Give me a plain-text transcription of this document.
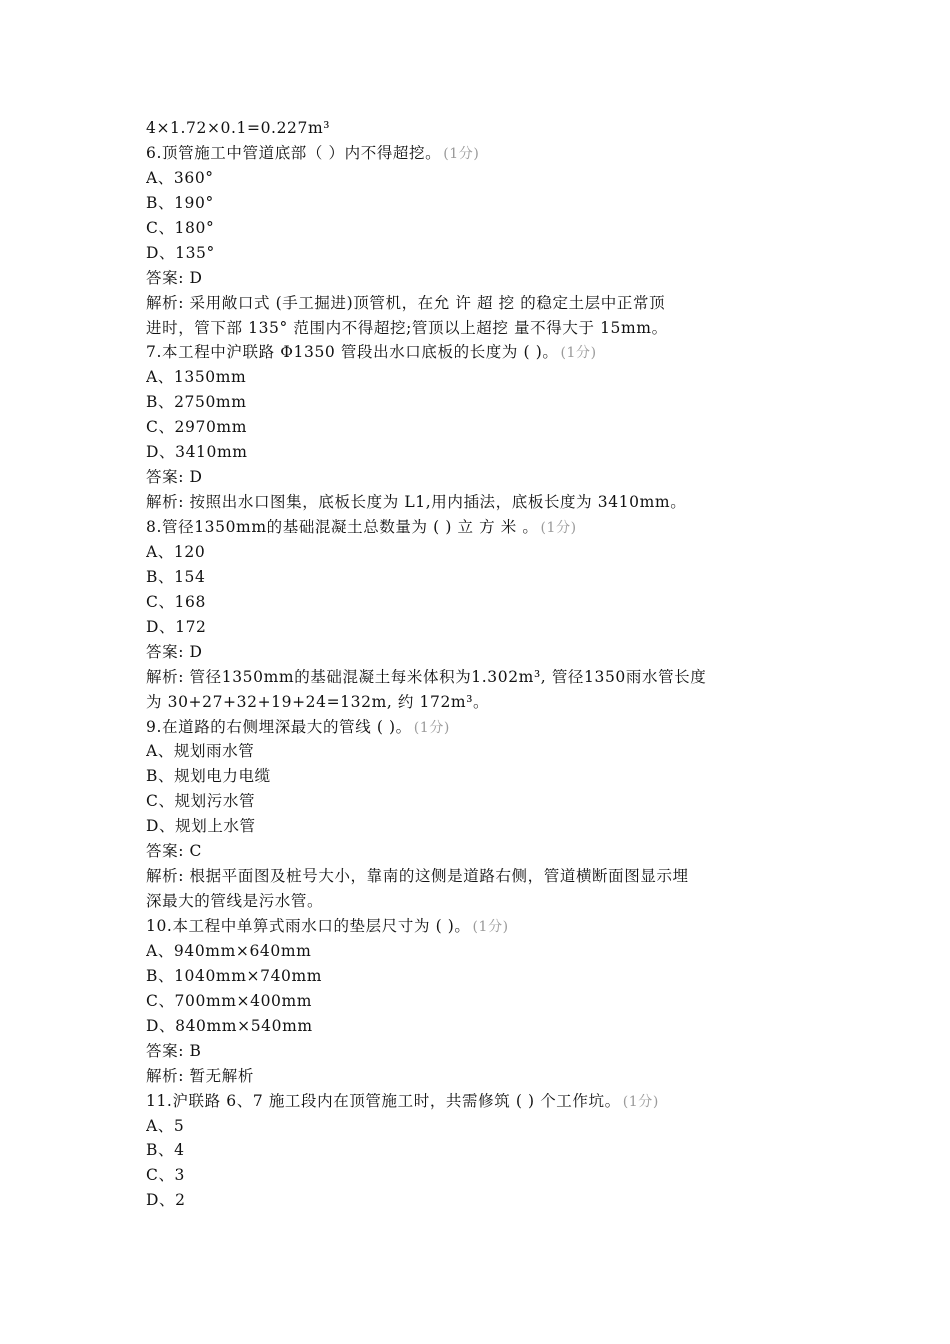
4×1.72×0.1=0.227m³
6.顶管施工中管道底部（ ）内不得超挖。 (1分)
A、360°
B、190°
C、180°
D、135°
答案: D
解析: 采用敞口式 (手工掘进)顶管机，在允 许 超 挖 的稳定土层中正常顶
进时，管下部 135° 范围内不得超挖;管顶以上超挖 量不得大于 15mm。
7.本工程中沪联路 Φ1350 管段出水口底板的长度为 ( )。 (1分)
A、1350mm
B、2750mm
C、2970mm
D、3410mm
答案: D
解析: 按照出水口图集，底板长度为 L1,用内插法，底板长度为 3410mm。
8.管径1350mm的基础混凝土总数量为 ( ) 立 方 米 。 (1分)
A、120
B、154
C、168
D、172
答案: D
解析: 管径1350mm的基础混凝土每米体积为1.302m³, 管径1350雨水管长度
为 30+27+32+19+24=132m, 约 172m³。
9.在道路的右侧埋深最大的管线 ( )。 (1分)
A、规划雨水管
B、规划电力电缆
C、规划污水管
D、规划上水管
答案: C
解析: 根据平面图及桩号大小，靠南的这侧是道路右侧，管道横断面图显示埋
深最大的管线是污水管。
10.本工程中单箅式雨水口的垫层尺寸为 ( )。 (1分)
A、940mm×640mm
B、1040mm×740mm
C、700mm×400mm
D、840mm×540mm
答案: B
解析: 暂无解析
11.沪联路 6、7 施工段内在顶管施工时，共需修筑 ( ) 个工作坑。 (1分)
A、5
B、4
C、3
D、2
